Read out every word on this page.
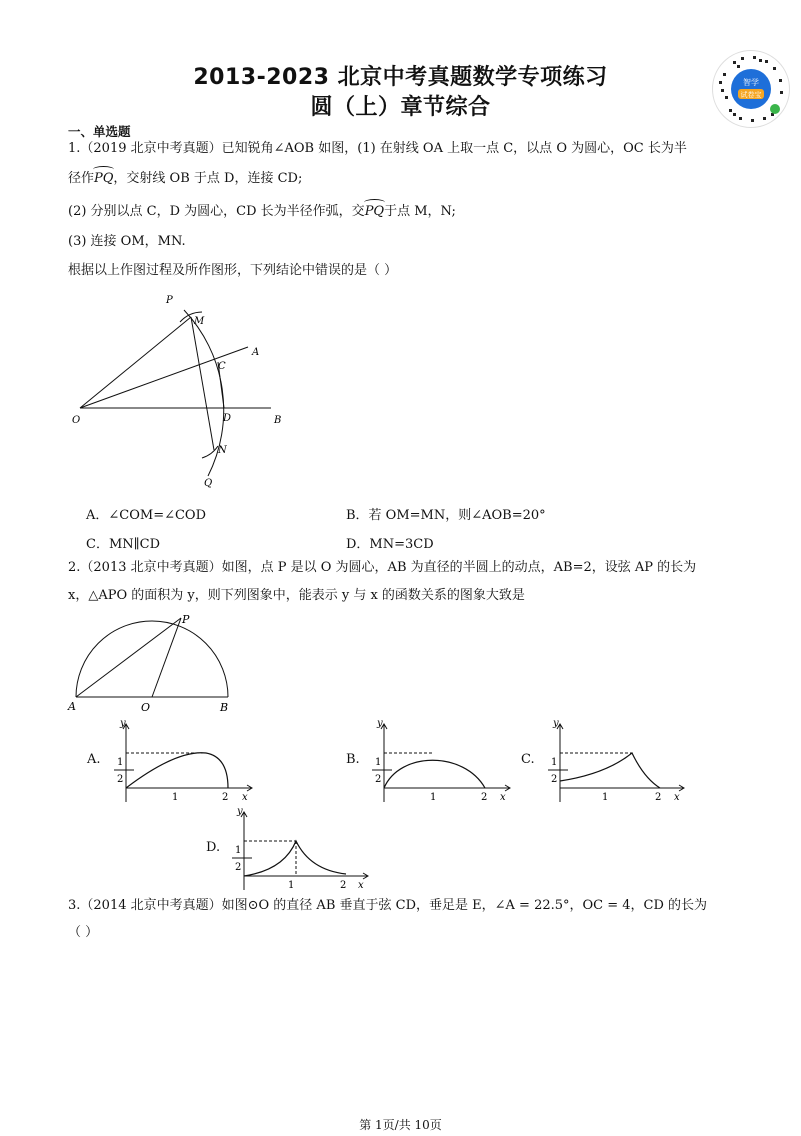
2013-2023 北京中考真题数学专项练习
圆（上）章节综合
智学
试卷宝
一、单选题
1.（2019 北京中考真题）已知锐角∠AOB 如图，(1) 在射线 OA 上取一点 C，以点 O 为圆心，OC 长为半
径作PQ，交射线 OB 于点 D，连接 CD;
(2) 分别以点 C，D 为圆心，CD 长为半径作弧，交PQ于点 M，N;
(3) 连接 OM，MN.
根据以上作图过程及所作图形，下列结论中错误的是（ ）
P
M
A
C
O	D	B
N
Q
A．∠COM=∠COD	B．若 OM=MN，则∠AOB=20°
C．MN∥CD	D．MN=3CD
2.（2013 北京中考真题）如图，点 P 是以 O 为圆心，AB 为直径的半圆上的动点，AB=2，设弦 AP 的长为
x，△APO 的面积为 y，则下列图象中，能表示 y 与 x 的函数关系的图象大致是
P
A	O	B
A.
y
x
1
2
1	2
B.
y
x
1
2
1	2
C.
y
x
1
2
1	2
D.
y
x
1
2
1	2
3.（2014 北京中考真题）如图⊙O 的直径 AB 垂直于弦 CD，垂足是 E，∠A = 22.5°，OC = 4，CD 的长为
（ ）
第 1页/共 10页
